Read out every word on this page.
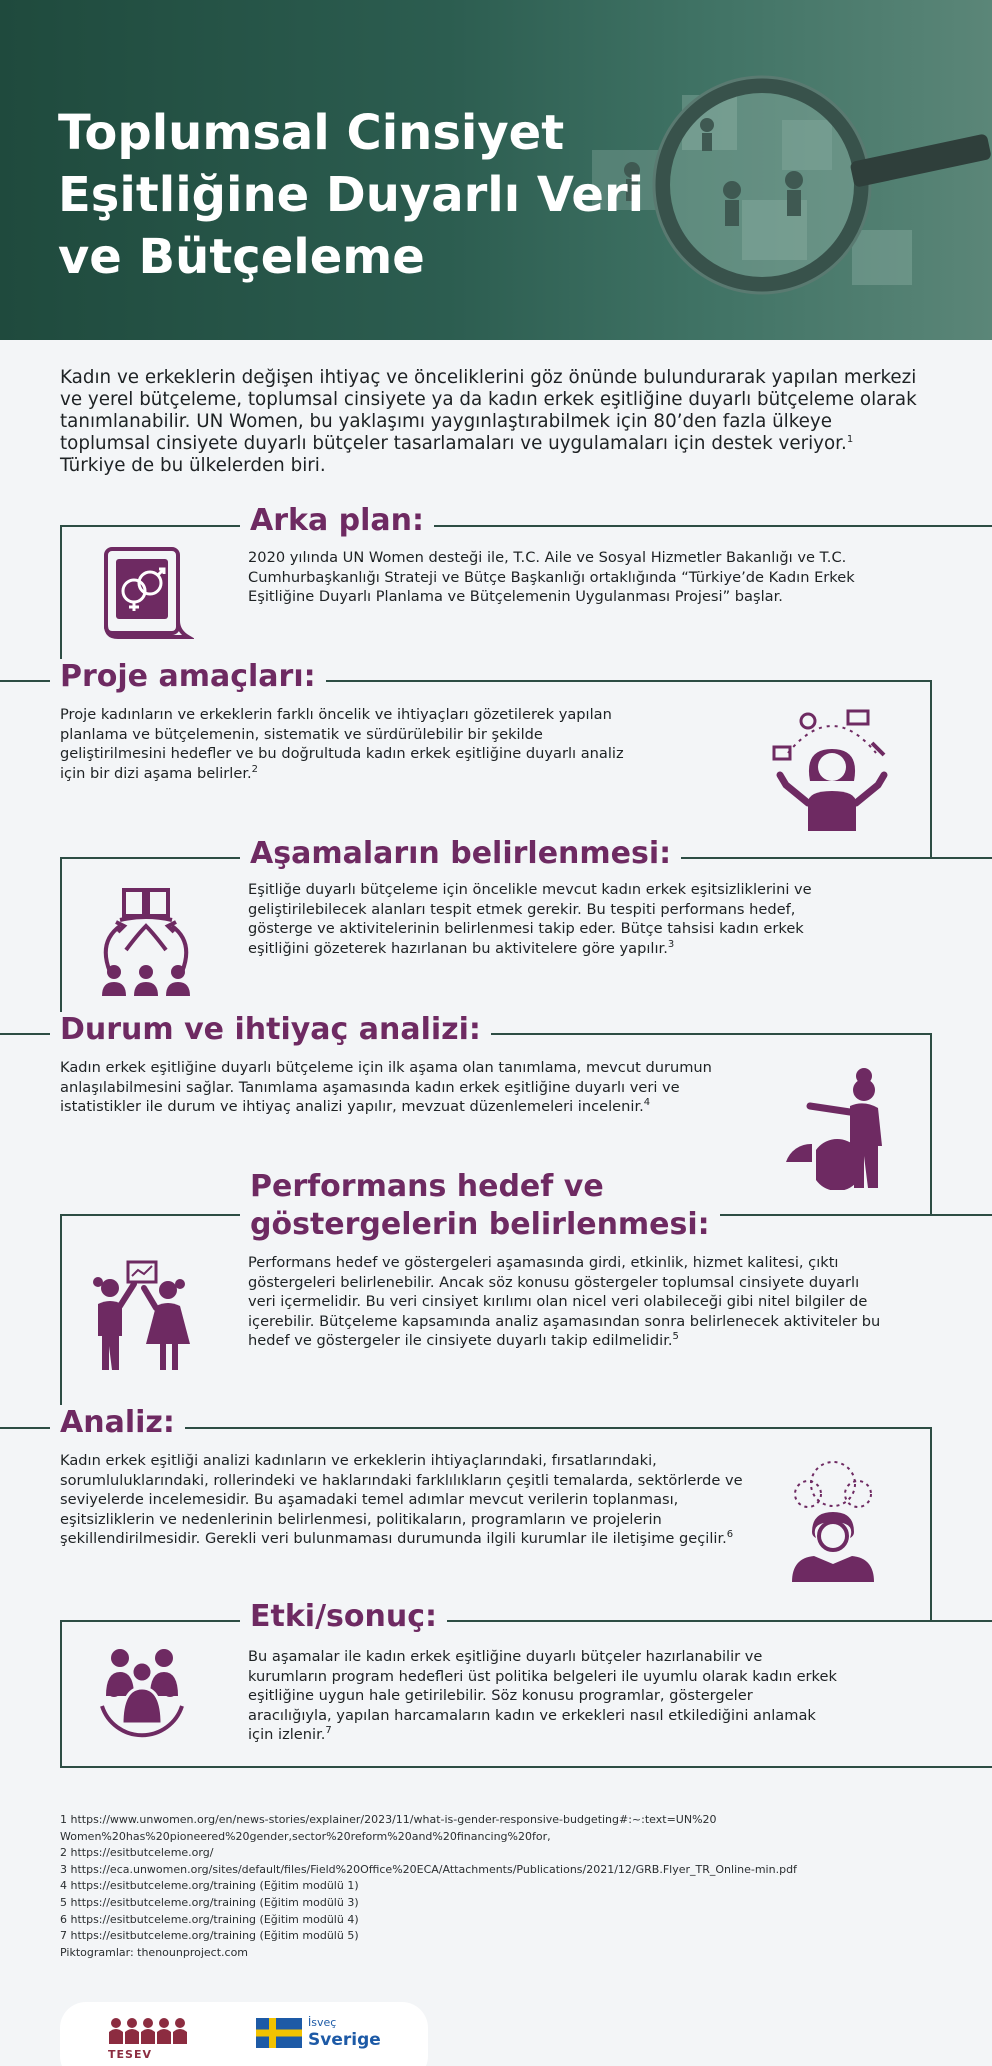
Toplumsal Cinsiyet
Eşitliğine Duyarlı Veri
ve Bütçeleme
Kadın ve erkeklerin değişen ihtiyaç ve önceliklerini göz önünde bulundurarak yapılan merkezi ve yerel bütçeleme, toplumsal cinsiyete ya da kadın erkek eşitliğine duyarlı bütçeleme olarak tanımlanabilir. UN Women, bu yaklaşımı yaygınlaştırabilmek için 80’den fazla ülkeye toplumsal cinsiyete duyarlı bütçeler tasarlamaları ve uygulamaları için destek veriyor.$^1$ Türkiye de bu ülkelerden biri.
Arka plan:
2020 yılında UN Women desteği ile, T.C. Aile ve Sosyal Hizmetler Bakanlığı ve T.C. Cumhurbaşkanlığı Strateji ve Bütçe Başkanlığı ortaklığında “Türkiye’de Kadın Erkek Eşitliğine Duyarlı Planlama ve Bütçelemenin Uygulanması Projesi” başlar.
Proje amaçları:
Proje kadınların ve erkeklerin farklı öncelik ve ihtiyaçları gözetilerek yapılan planlama ve bütçelemenin, sistematik ve sürdürülebilir bir şekilde geliştirilmesini hedefler ve bu doğrultuda kadın erkek eşitliğine duyarlı analiz için bir dizi aşama belirler.$^2$
Aşamaların belirlenmesi:
Eşitliğe duyarlı bütçeleme için öncelikle mevcut kadın erkek eşitsizliklerini ve geliştirilebilecek alanları tespit etmek gerekir. Bu tespiti performans hedef, gösterge ve aktivitelerinin belirlenmesi takip eder. Bütçe tahsisi kadın erkek eşitliğini gözeterek hazırlanan bu aktivitelere göre yapılır.$^3$
Durum ve ihtiyaç analizi:
Kadın erkek eşitliğine duyarlı bütçeleme için ilk aşama olan tanımlama, mevcut durumun anlaşılabilmesini sağlar. Tanımlama aşamasında kadın erkek eşitliğine duyarlı veri ve istatistikler ile durum ve ihtiyaç analizi yapılır, mevzuat düzenlemeleri incelenir.$^4$
Performans hedef ve
göstergelerin belirlenmesi:
Performans hedef ve göstergeleri aşamasında girdi, etkinlik, hizmet kalitesi, çıktı göstergeleri belirlenebilir. Ancak söz konusu göstergeler toplumsal cinsiyete duyarlı veri içermelidir. Bu veri cinsiyet kırılımı olan nicel veri olabileceği gibi nitel bilgiler de içerebilir. Bütçeleme kapsamında analiz aşamasından sonra belirlenecek aktiviteler bu hedef ve göstergeler ile cinsiyete duyarlı takip edilmelidir.$^5$
Analiz:
Kadın erkek eşitliği analizi kadınların ve erkeklerin ihtiyaçlarındaki, fırsatlarındaki, sorumluluklarındaki, rollerindeki ve haklarındaki farklılıkların çeşitli temalarda, sektörlerde ve seviyelerde incelemesidir. Bu aşamadaki temel adımlar mevcut verilerin toplanması, eşitsizliklerin ve nedenlerinin belirlenmesi, politikaların, programların ve projelerin şekillendirilmesidir. Gerekli veri bulunmaması durumunda ilgili kurumlar ile iletişime geçilir.$^6$
Etki/sonuç:
Bu aşamalar ile kadın erkek eşitliğine duyarlı bütçeler hazırlanabilir ve kurumların program hedefleri üst politika belgeleri ile uyumlu olarak kadın erkek eşitliğine uygun hale getirilebilir. Söz konusu programlar, göstergeler aracılığıyla, yapılan harcamaların kadın ve erkekleri nasıl etkilediğini anlamak için izlenir.$^7$
1 https://www.unwomen.org/en/news-stories/explainer/2023/11/what-is-gender-responsive-budgeting#:~:text=UN%20
Women%20has%20pioneered%20gender,sector%20reform%20and%20financing%20for,
2 https://esitbutceleme.org/
3 https://eca.unwomen.org/sites/default/files/Field%20Office%20ECA/Attachments/Publications/2021/12/GRB.Flyer_TR_Online-min.pdf
4 https://esitbutceleme.org/training (Eğitim modülü 1)
5 https://esitbutceleme.org/training (Eğitim modülü 3)
6 https://esitbutceleme.org/training (Eğitim modülü 4)
7 https://esitbutceleme.org/training (Eğitim modülü 5)
Piktogramlar: thenounproject.com
TESEV
İsveç
Sverige
